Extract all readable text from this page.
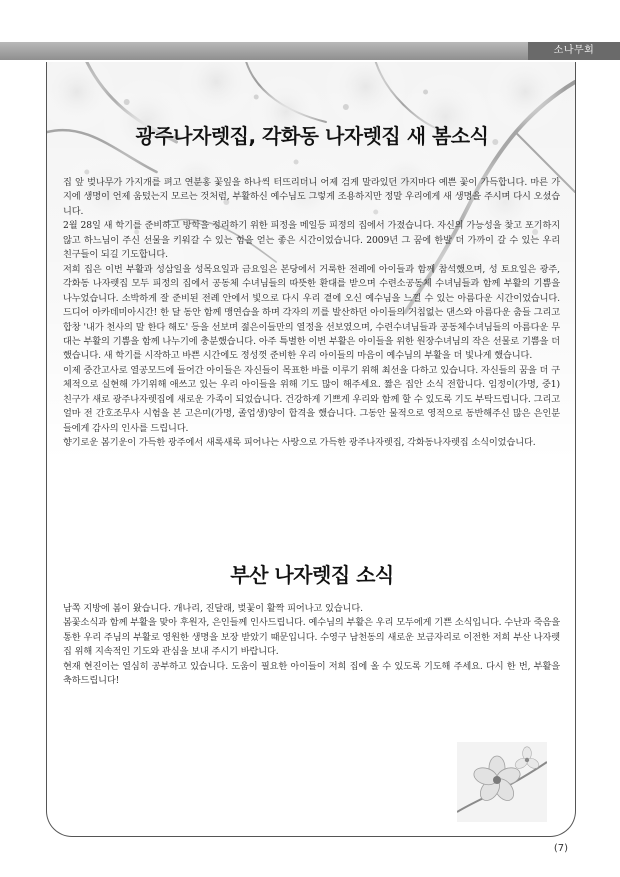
소나무회
광주나자렛집, 각화동 나자렛집 새 봄소식

집 앞 벚나무가 가지개를 펴고 연분홍 꽃잎을 하나씩 터뜨리더니 어제 검게 말라있던 가지마다 예쁜 꽃이 가득합니다. 마른 가지에 생명이 언제 움텄는지 모르는 것처럼, 부활하신 예수님도 그렇게 조용하지만 정말 우리에게 새 생명을 주시며 다시 오셨습니다.

2월 28일 새 학기를 준비하고 방학을 정리하기 위한 피정을 메일등 피정의 집에서 가졌습니다. 자신의 가능성을 찾고 포기하지 않고 하느님이 주신 선물을 키워갈 수 있는 힘을 얻는 좋은 시간이었습니다. 2009년 그 꿈에 한발 더 가까이 갈 수 있는 우리 친구들이 되길 기도합니다.

저희 집은 이번 부활과 성삼일을 성목요일과 금요일은 본당에서 거룩한 전례에 아이들과 함께 참석했으며, 성 토요일은 광주, 각화동 나자렛집 모두 피정의 집에서 공동체 수녀님들의 따뜻한 환대를 받으며 수련소공동체 수녀님들과 함께 부활의 기쁨을 나누었습니다. 소박하게 잘 준비된 전례 안에서 빛으로 다시 우리 곁에 오신 예수님을 느낄 수 있는 아름다운 시간이었습니다. 드디어 아카데미아시간! 한 달 동안 함께 맹연습을 하며 각자의 끼를 발산하던 아이들의 거침없는 댄스와 아름다운 춤들 그리고 합창 '내가 천사의 말 한다 해도' 등을 선보며 젊은이들만의 열정을 선보였으며, 수련수녀님들과 공동체수녀님들의 아름다운 무대는 부활의 기쁨을 함께 나누기에 충분했습니다. 아주 특별한 이번 부활은 아이들을 위한 원장수녀님의 작은 선물로 기쁨을 더 했습니다. 새 학기를 시작하고 바쁜 시간에도 정성껏 준비한 우리 아이들의 마음이 예수님의 부활을 더 빛나게 했습니다.

이제 중간고사로 열공모드에 들어간 아이들은 자신들이 목표한 바를 이루기 위해 최선을 다하고 있습니다. 자신들의 꿈을 더 구체적으로 실현해 가기위해 애쓰고 있는 우리 아이들을 위해 기도 많이 해주세요. 짧은 집안 소식 전합니다. 임정이(가명, 중1) 친구가 새로 광주나자렛집에 새로운 가족이 되었습니다. 건강하게 기쁘게 우리와 함께 할 수 있도록 기도 부탁드립니다. 그리고 얼마 전 간호조무사 시험을 본 고은미(가명, 졸업생)양이 합격을 했습니다. 그동안 물적으로 영적으로 동반해주신 많은 은인분들에게 감사의 인사를 드립니다.

향기로운 봄기운이 가득한 광주에서 새록새록 피어나는 사랑으로 가득한 광주나자렛집, 각화동나자렛집 소식이었습니다.

부산 나자렛집 소식

남쪽 지방에 봄이 왔습니다. 개나리, 진달래, 벚꽃이 활짝 피어나고 있습니다.

봄꽃소식과 함께 부활을 맞아 후원자, 은인들께 인사드립니다. 예수님의 부활은 우리 모두에게 기쁜 소식입니다. 수난과 죽음을 통한 우리 주님의 부활로 영원한 생명을 보장 받았기 때문입니다. 수영구 남천동의 새로운 보금자리로 이전한 저희 부산 나자렛집 위해 지속적인 기도와 관심을 보내 주시기 바랍니다.

현재 현진이는 열심히 공부하고 있습니다. 도움이 필요한 아이들이 저희 집에 올 수 있도록 기도해 주세요. 다시 한 번, 부활을 축하드립니다!

(7)
